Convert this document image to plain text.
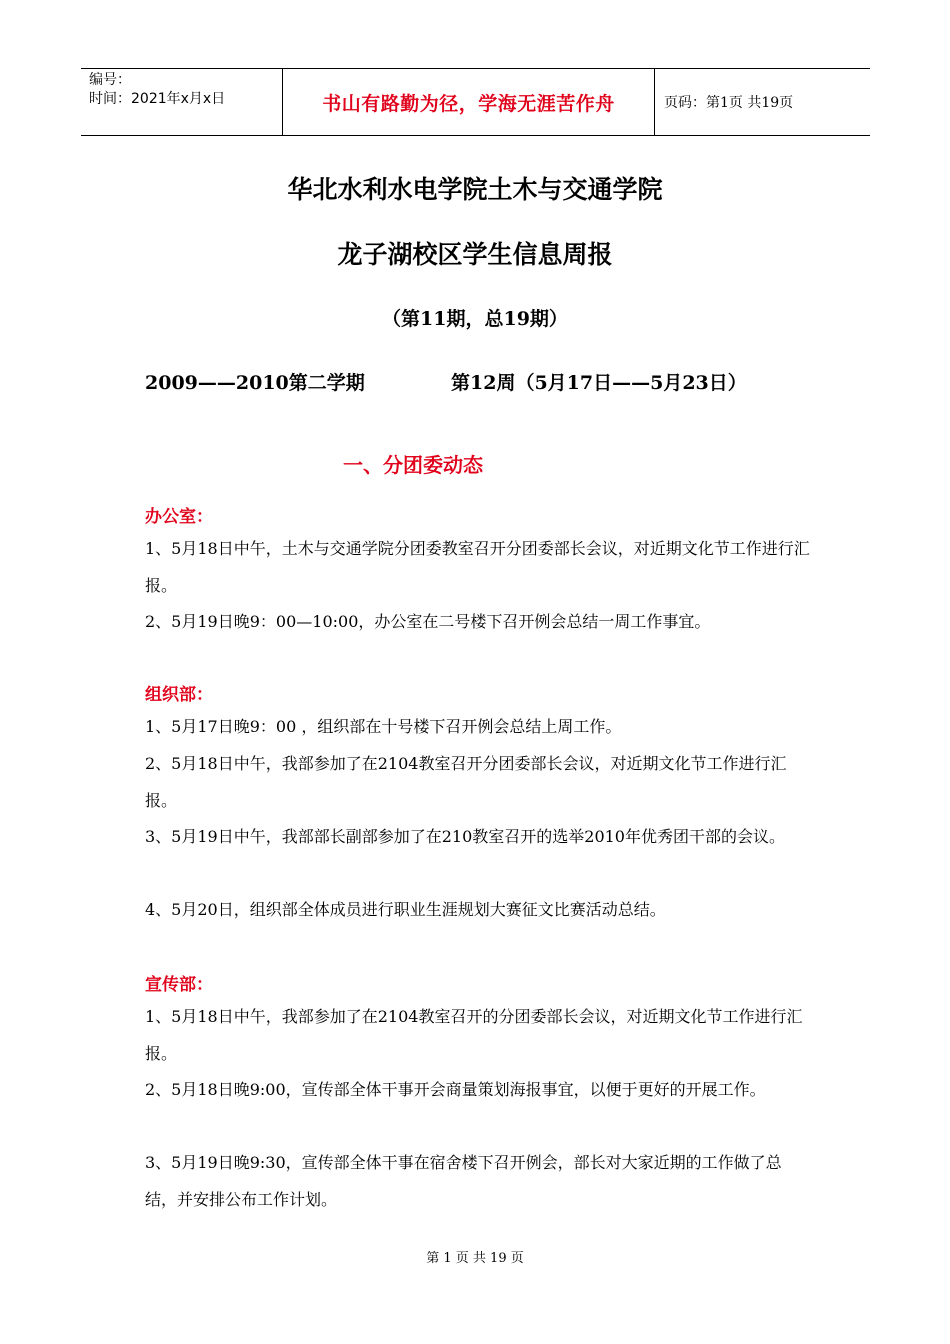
编号：
时间：2021年x月x日	书山有路勤为径，学海无涯苦作舟	页码：第1页 共19页
华北水利水电学院土木与交通学院
龙子湖校区学生信息周报
（第11期，总19期）
2009——2010第二学期	第12周（5月17日——5月23日）
一、分团委动态
办公室：

1、5月18日中午，土木与交通学院分团委教室召开分团委部长会议，对近期文化节工作进行汇报。

2、5月19日晚9：00—10:00，办公室在二号楼下召开例会总结一周工作事宜。

组织部：

1、5月17日晚9：00 ，组织部在十号楼下召开例会总结上周工作。

2、5月18日中午，我部参加了在2104教室召开分团委部长会议，对近期文化节工作进行汇报。

3、5月19日中午，我部部长副部参加了在210教室召开的选举2010年优秀团干部的会议。

4、5月20日，组织部全体成员进行职业生涯规划大赛征文比赛活动总结。

宣传部：

1、5月18日中午，我部参加了在2104教室召开的分团委部长会议，对近期文化节工作进行汇报。

2、5月18日晚9:00，宣传部全体干事开会商量策划海报事宜，以便于更好的开展工作。

3、5月19日晚9:30，宣传部全体干事在宿舍楼下召开例会，部长对大家近期的工作做了总结，并安排公布工作计划。

第 1 页 共 19 页
